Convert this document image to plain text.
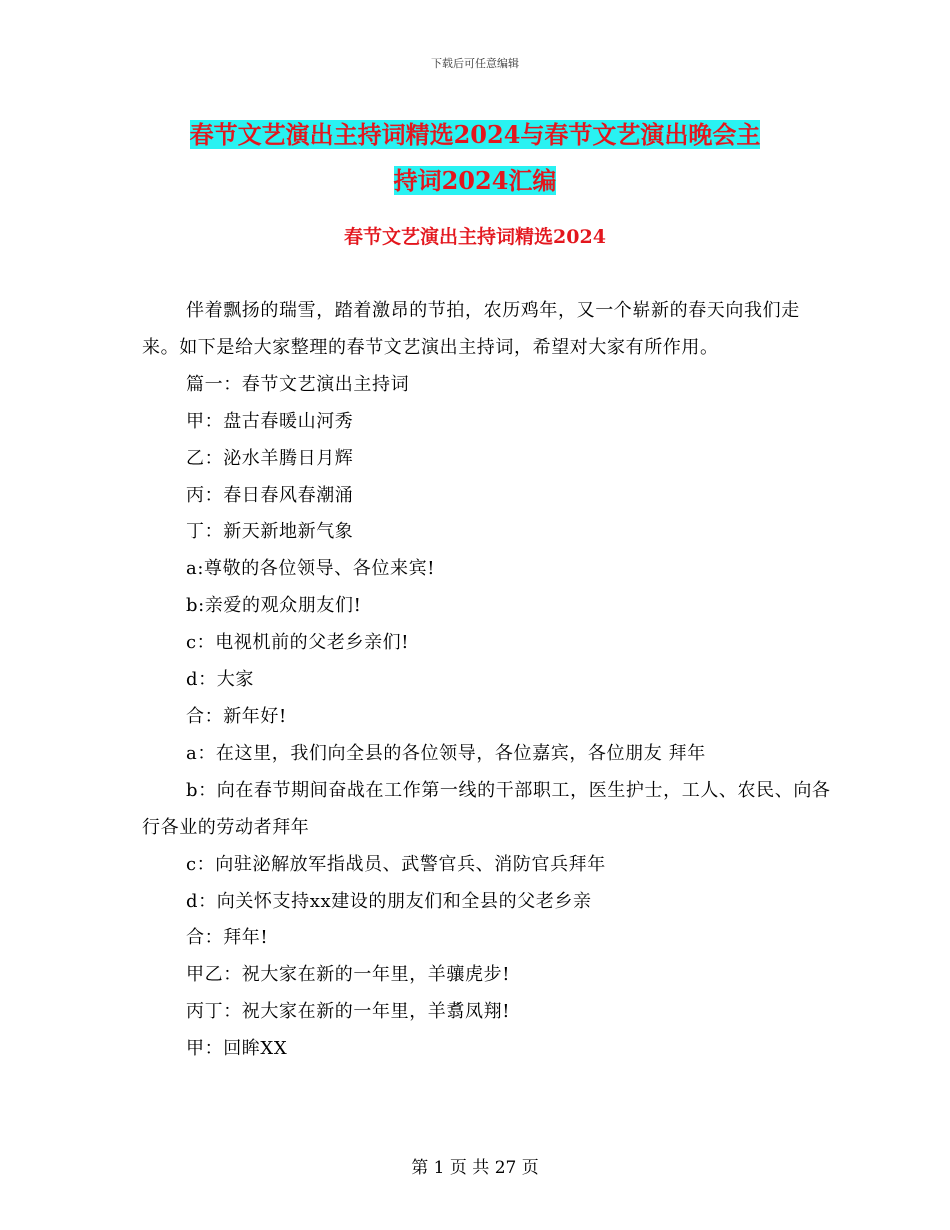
下载后可任意编辑
春节文艺演出主持词精选2024与春节文艺演出晚会主
持词2024汇编
春节文艺演出主持词精选2024

伴着飘扬的瑞雪，踏着激昂的节拍，农历鸡年，又一个崭新的春天向我们走来。如下是给大家整理的春节文艺演出主持词，希望对大家有所作用。

篇一：春节文艺演出主持词

甲：盘古春暖山河秀

乙：泌水羊腾日月辉

丙：春日春风春潮涌

丁：新天新地新气象

a:尊敬的各位领导、各位来宾!

b:亲爱的观众朋友们!

c：电视机前的父老乡亲们!

d：大家

合：新年好!

a：在这里，我们向全县的各位领导，各位嘉宾，各位朋友 拜年

b：向在春节期间奋战在工作第一线的干部职工，医生护士，工人、农民、向各行各业的劳动者拜年

c：向驻泌解放军指战员、武警官兵、消防官兵拜年

d：向关怀支持xx建设的朋友们和全县的父老乡亲

合：拜年!

甲乙：祝大家在新的一年里，羊骧虎步!

丙丁：祝大家在新的一年里，羊翥凤翔!

甲：回眸XX

第 1 页 共 27 页
